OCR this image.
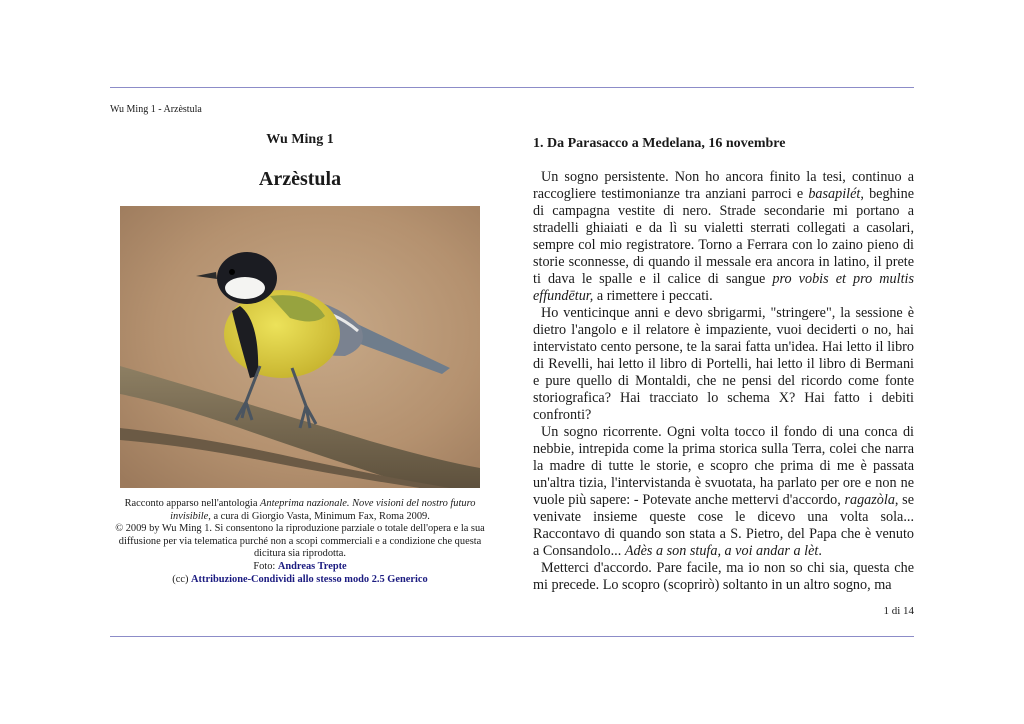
Wu Ming 1 - Arzèstula
Wu Ming 1
Arzèstula
Racconto apparso nell'antologia Anteprima nazionale. Nove visioni del nostro futuro invisibile, a cura di Giorgio Vasta, Minimum Fax, Roma 2009.
© 2009 by Wu Ming 1. Si consentono la riproduzione parziale o totale dell'opera e la sua diffusione per via telematica purché non a scopi commerciali e a condizione che questa dicitura sia riprodotta.
Foto: Andreas Trepte
(cc) Attribuzione-Condividi allo stesso modo 2.5 Generico
1. Da Parasacco a Medelana, 16 novembre

Un sogno persistente. Non ho ancora finito la tesi, continuo a raccogliere testimonianze tra anziani parroci e basapilét, beghine di campagna vestite di nero. Strade secondarie mi portano a stradelli ghiaiati e da lì su vialetti sterrati collegati a casolari, sempre col mio registratore. Torno a Ferrara con lo zaino pieno di storie sconnesse, di quando il messale era ancora in latino, il prete ti dava le spalle e il calice di sangue pro vobis et pro multis effundētur, a rimettere i peccati.

Ho venticinque anni e devo sbrigarmi, "stringere", la sessione è dietro l'angolo e il relatore è impaziente, vuoi deciderti o no, hai intervistato cento persone, te la sarai fatta un'idea. Hai letto il libro di Revelli, hai letto il libro di Portelli, hai letto il libro di Bermani e pure quello di Montaldi, che ne pensi del ricordo come fonte storiografica? Hai tracciato lo schema X? Hai fatto i debiti confronti?

Un sogno ricorrente. Ogni volta tocco il fondo di una conca di nebbie, intrepida come la prima storica sulla Terra, colei che narra la madre di tutte le storie, e scopro che prima di me è passata un'altra tizia, l'intervistanda è svuotata, ha parlato per ore e non ne vuole più sapere: - Potevate anche mettervi d'accordo, ragazòla, se venivate insieme queste cose le dicevo una volta sola... Raccontavo di quando son stata a S. Pietro, del Papa che è venuto a Consandolo... Adès a son stufa, a voi andar a lèt.

Metterci d'accordo. Pare facile, ma io non so chi sia, questa che mi precede. Lo scopro (scoprirò) soltanto in un altro sogno, ma

1 di 14
